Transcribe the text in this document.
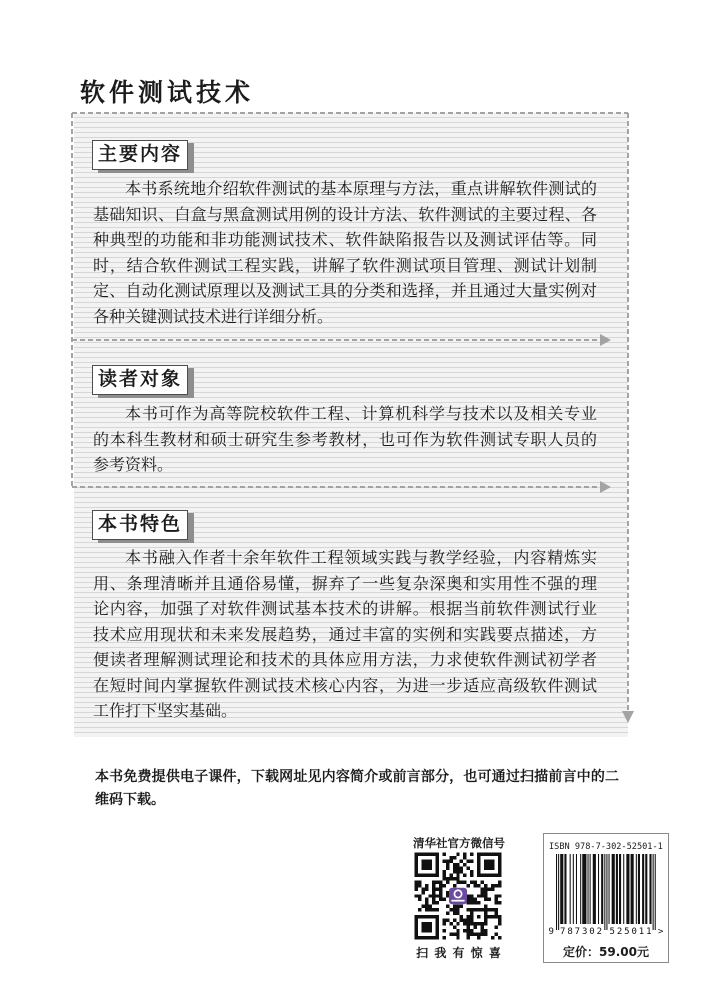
软件测试技术
主要内容
本书系统地介绍软件测试的基本原理与方法，重点讲解软件测试的
基础知识、白盒与黑盒测试用例的设计方法、软件测试的主要过程、各
种典型的功能和非功能测试技术、软件缺陷报告以及测试评估等。同
时，结合软件测试工程实践，讲解了软件测试项目管理、测试计划制
定、自动化测试原理以及测试工具的分类和选择，并且通过大量实例对
各种关键测试技术进行详细分析。
读者对象
本书可作为高等院校软件工程、计算机科学与技术以及相关专业
的本科生教材和硕士研究生参考教材，也可作为软件测试专职人员的
参考资料。
本书特色
本书融入作者十余年软件工程领域实践与教学经验，内容精炼实
用、条理清晰并且通俗易懂，摒弃了一些复杂深奥和实用性不强的理
论内容，加强了对软件测试基本技术的讲解。根据当前软件测试行业
技术应用现状和未来发展趋势，通过丰富的实例和实践要点描述，方
便读者理解测试理论和技术的具体应用方法，力求使软件测试初学者
在短时间内掌握软件测试技术核心内容，为进一步适应高级软件测试
工作打下坚实基础。
本书免费提供电子课件，下载网址见内容简介或前言部分，也可通过扫描前言中的二
维码下载。
清华社官方微信号
扫 我 有 惊 喜
ISBN 978-7-302-52501-1
9 787302 525011 >
定价：59.00元
